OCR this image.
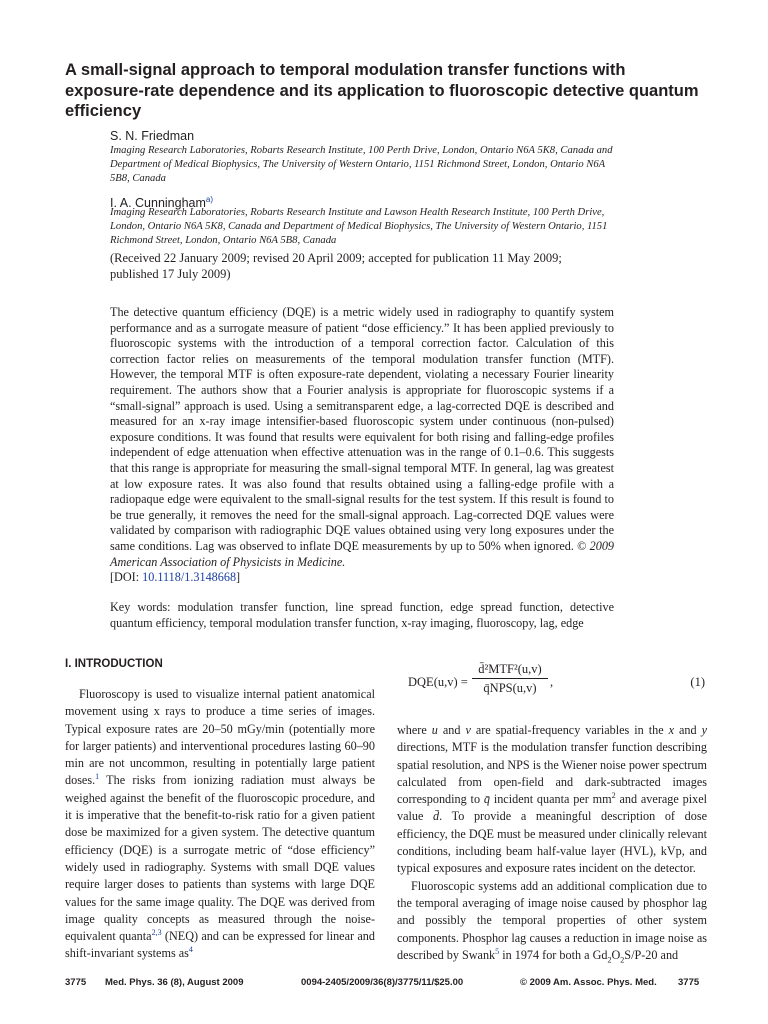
A small-signal approach to temporal modulation transfer functions with exposure-rate dependence and its application to fluoroscopic detective quantum efficiency
S. N. Friedman
Imaging Research Laboratories, Robarts Research Institute, 100 Perth Drive, London, Ontario N6A 5K8, Canada and Department of Medical Biophysics, The University of Western Ontario, 1151 Richmond Street, London, Ontario N6A 5B8, Canada
I. A. Cunningham$^{a)}$
Imaging Research Laboratories, Robarts Research Institute and Lawson Health Research Institute, 100 Perth Drive, London, Ontario N6A 5K8, Canada and Department of Medical Biophysics, The University of Western Ontario, 1151 Richmond Street, London, Ontario N6A 5B8, Canada
(Received 22 January 2009; revised 20 April 2009; accepted for publication 11 May 2009; published 17 July 2009)
The detective quantum efficiency (DQE) is a metric widely used in radiography to quantify system performance and as a surrogate measure of patient “dose efficiency.” It has been applied previously to fluoroscopic systems with the introduction of a temporal correction factor. Calculation of this correction factor relies on measurements of the temporal modulation transfer function (MTF). However, the temporal MTF is often exposure-rate dependent, violating a necessary Fourier linearity requirement. The authors show that a Fourier analysis is appropriate for fluoroscopic systems if a “small-signal” approach is used. Using a semitransparent edge, a lag-corrected DQE is described and measured for an x-ray image intensifier-based fluoroscopic system under continuous (non-pulsed) exposure conditions. It was found that results were equivalent for both rising and falling-edge profiles independent of edge attenuation when effective attenuation was in the range of 0.1–0.6. This suggests that this range is appropriate for measuring the small-signal temporal MTF. In general, lag was greatest at low exposure rates. It was also found that results obtained using a falling-edge profile with a radiopaque edge were equivalent to the small-signal results for the test system. If this result is found to be true generally, it removes the need for the small-signal approach. Lag-corrected DQE values were validated by comparison with radiographic DQE values obtained using very long exposures under the same conditions. Lag was observed to inflate DQE measurements by up to 50% when ignored. © 2009 American Association of Physicists in Medicine.
[DOI: 10.1118/1.3148668]
Key words: modulation transfer function, line spread function, edge spread function, detective quantum efficiency, temporal modulation transfer function, x-ray imaging, fluoroscopy, lag, edge
I. INTRODUCTION

Fluoroscopy is used to visualize internal patient anatomical movement using x rays to produce a time series of images. Typical exposure rates are 20–50 mGy/min (potentially more for larger patients) and interventional procedures lasting 60–90 min are not uncommon, resulting in potentially large patient doses.$^1$ The risks from ionizing radiation must always be weighed against the benefit of the fluoroscopic procedure, and it is imperative that the benefit-to-risk ratio for a given patient dose be maximized for a given system. The detective quantum efficiency (DQE) is a surrogate metric of “dose efficiency” widely used in radiography. Systems with small DQE values require larger doses to patients than systems with large DQE values for the same image quality. The DQE was derived from image quality concepts as measured through the noise-equivalent quanta$^{2,3}$ (NEQ) and can be expressed for linear and shift-invariant systems as$^4$

DQE(u,v) =
d̄²MTF²(u,v)
q̄NPS(u,v)	,	(1)

where u and v are spatial-frequency variables in the x and y directions, MTF is the modulation transfer function describing spatial resolution, and NPS is the Wiener noise power spectrum calculated from open-field and dark-subtracted images corresponding to q̄ incident quanta per $mm^2$ and average pixel value d̄. To provide a meaningful description of dose efficiency, the DQE must be measured under clinically relevant conditions, including beam half-value layer (HVL), kVp, and typical exposures and exposure rates incident on the detector.

Fluoroscopic systems add an additional complication due to the temporal averaging of image noise caused by phosphor lag and possibly the temporal properties of other system components. Phosphor lag causes a reduction in image noise as described by Swank$^5$ in 1974 for both a $Gd_2O_2S/P-20$ and

3775 Med. Phys. 36 (8), August 2009	0094-2405/2009/36(8)/3775/11/$25.00	© 2009 Am. Assoc. Phys. Med. 3775
